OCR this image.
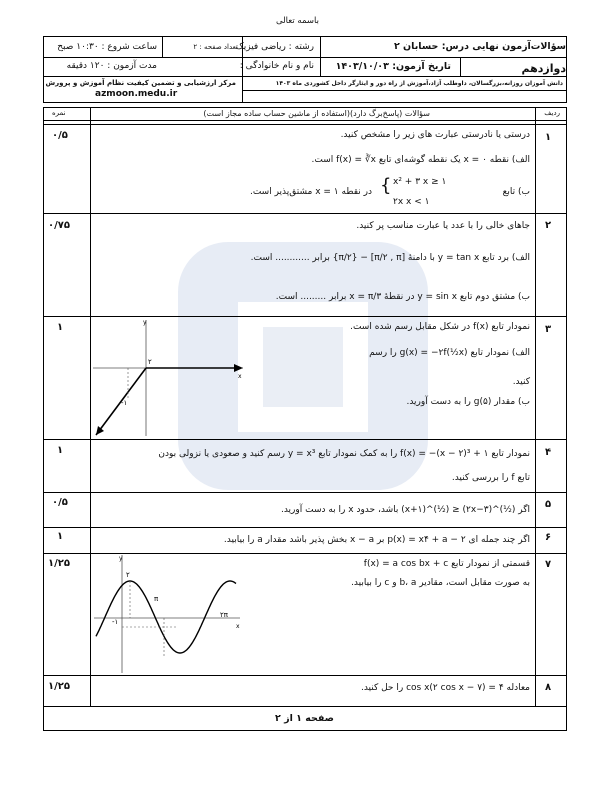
باسمه تعالی
سؤالات‌آزمون نهایی درس: حسابان ۲
رشته : ریاضی فیزیک
تعداد صفحه : ۲
ساعت شروع : ۱۰:۳۰ صبح
دوازدهم
تاریخ آزمون: ۱۴۰۳/۱۰/۰۳
نام و نام خانوادگی :
مدت آزمون : ۱۲۰ دقیقه
دانش آموزان روزانه،بزرگسالان، داوطلب آزاد،آموزش از راه دور و ایثارگر داخل کشوردی ماه ۱۴۰۳
مرکز ارزشیابی و تضمین کیفیت نظام آموزش و پرورش
azmoon.medu.ir
ردیف
سؤالات (پاسخ‌برگ دارد)(استفاده از ماشین حساب ساده مجاز است)
نمره
۱
۰/۵	درستی یا نادرستی عبارت های زیر را مشخص کنید.
الف) نقطه x = ۰ یک نقطه گوشه‌ای تابع f(x) = ∛x است.
ب) تابع
{ x² + ۳ x ≥ ۱
۲x x < ۱
در نقطه x = ۱ مشتق‌پذیر است.
۲
۰/۷۵	جاهای خالی را با عدد یا عبارت مناسب پر کنید.
الف) برد تابع y = tan x با دامنهٔ [π/۲ , π] − {π/۲} برابر ............ است.
ب) مشتق دوم تابع y = sin x در نقطهٔ x = π/۳ برابر ......... است.
۳
۱	نمودار تابع f(x) در شکل مقابل رسم شده است.
الف) نمودار تابع g(x) = −۲f(½x) را رسم
کنید.
ب) مقدار g(۵) را به دست آورید.
۲
-۱
x
y
۴
۱	نمودار تابع f(x) = −(x − ۲)³ + ۱ را به کمک نمودار تابع y = x³ رسم کنید و صعودی یا نزولی بودن
تابع f را بررسی کنید.
۵
۰/۵
اگر (½)^(۲x−۳) ≤ (½)^(x+۱) باشد، حدود x را به دست آورید.
۶
۱	اگر چند جمله ای p(x) = x۴ + a − ۲ بر x − a بخش پذیر باشد مقدار a را بیابید.
۷
۱/۲۵	قسمتی از نمودار تابع f(x) = a cos bx + c
به صورت مقابل است، مقادیر b، a و c را بیابید.
۲
-۱
π
۲π
x
y
۸
۱/۲۵	معادله cos x(۲ cos x − ۷) = ۴ را حل کنید.
صفحه ۱ از ۲
